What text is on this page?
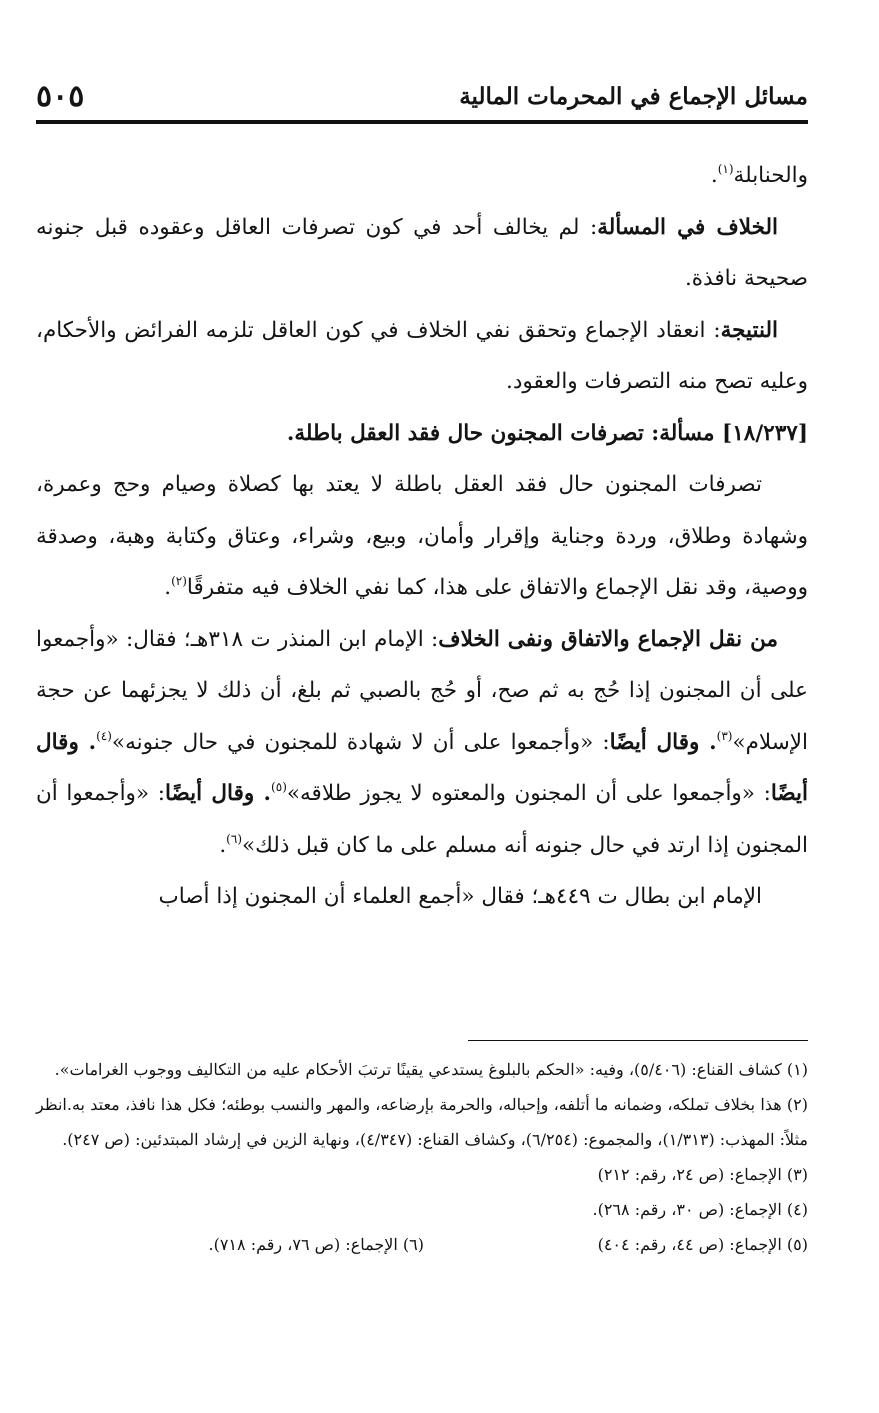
مسائل الإجماع في المحرمات المالية
٥٠٥

والحنابلة$^{(١)}$.

الخلاف في المسألة: لم يخالف أحد في كون تصرفات العاقل وعقوده قبل جنونه صحيحة نافذة.

النتيجة: انعقاد الإجماع وتحقق نفي الخلاف في كون العاقل تلزمه الفرائض والأحكام، وعليه تصح منه التصرفات والعقود.

[١٨/٢٣٧] مسألة: تصرفات المجنون حال فقد العقل باطلة.

تصرفات المجنون حال فقد العقل باطلة لا يعتد بها كصلاة وصيام وحج وعمرة، وشهادة وطلاق، وردة وجناية وإقرار وأمان، وبيع، وشراء، وعتاق وكتابة وهبة، وصدقة ووصية، وقد نقل الإجماع والاتفاق على هذا، كما نفي الخلاف فيه متفرقًا$^{(٢)}$.

من نقل الإجماع والاتفاق ونفى الخلاف: الإمام ابن المنذر ت ٣١٨هـ؛ فقال: «وأجمعوا على أن المجنون إذا حُج به ثم صح، أو حُج بالصبي ثم بلغ، أن ذلك لا يجزئهما عن حجة الإسلام»$^{(٣)}$. وقال أيضًا: «وأجمعوا على أن لا شهادة للمجنون في حال جنونه»$^{(٤)}$. وقال أيضًا: «وأجمعوا على أن المجنون والمعتوه لا يجوز طلاقه»$^{(٥)}$. وقال أيضًا: «وأجمعوا أن المجنون إذا ارتد في حال جنونه أنه مسلم على ما كان قبل ذلك»$^{(٦)}$.

الإمام ابن بطال ت ٤٤٩هـ؛ فقال «أجمع العلماء أن المجنون إذا أصاب

(١) كشاف القناع: (٥/٤٠٦)، وفيه: «الحكم بالبلوغ يستدعي يقينًا ترتبَ الأحكام عليه من التكاليف ووجوب الغرامات».

(٢) هذا بخلاف تملكه، وضمانه ما أتلفه، وإحباله، والحرمة بإرضاعه، والمهر والنسب بوطئه؛ فكل هذا نافذ، معتد به.انظر مثلاً: المهذب: (١/٣١٣)، والمجموع: (٦/٢٥٤)، وكشاف القناع: (٤/٣٤٧)، ونهاية الزين في إرشاد المبتدئين: (ص ٢٤٧).

(٣) الإجماع: (ص ٢٤، رقم: ٢١٢)

(٤) الإجماع: (ص ٣٠، رقم: ٢٦٨).

(٥) الإجماع: (ص ٤٤، رقم: ٤٠٤)

(٦) الإجماع: (ص ٧٦، رقم: ٧١٨).
